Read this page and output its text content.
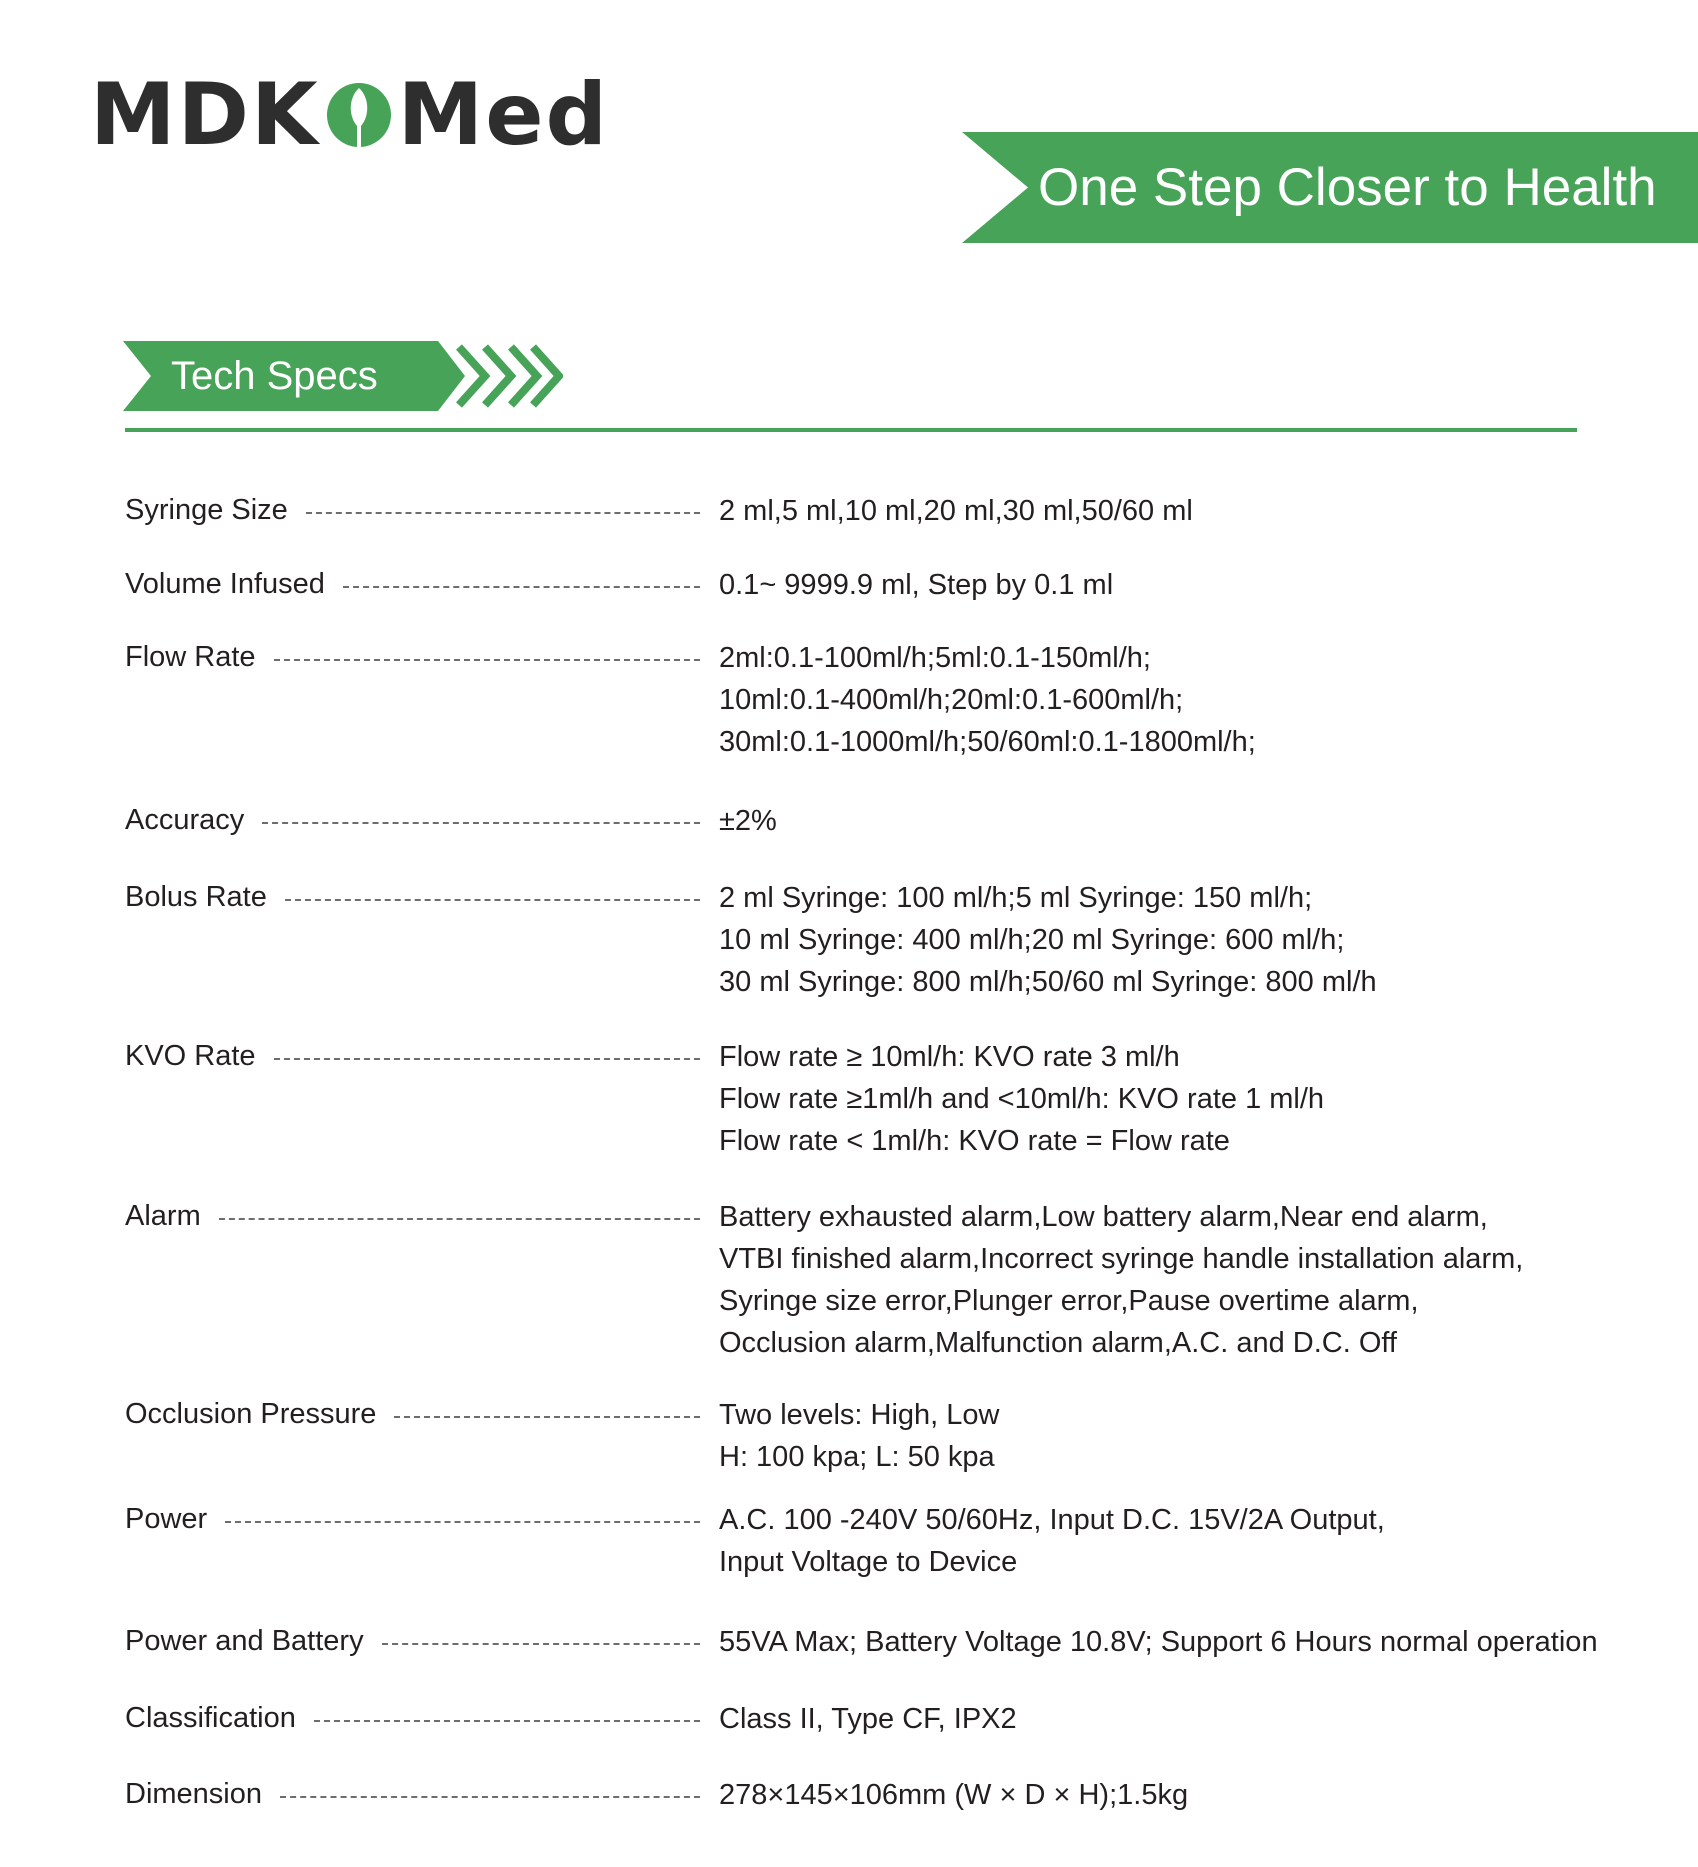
MDK Med
One Step Closer to Health
Tech Specs
Syringe Size	2 ml,5 ml,10 ml,20 ml,30 ml,50/60 ml
Volume Infused	0.1~ 9999.9 ml, Step by 0.1 ml
Flow Rate	2ml:0.1-100ml/h;5ml:0.1-150ml/h;
10ml:0.1-400ml/h;20ml:0.1-600ml/h;
30ml:0.1-1000ml/h;50/60ml:0.1-1800ml/h;
Accuracy	±2%
Bolus Rate	2 ml Syringe: 100 ml/h;5 ml Syringe: 150 ml/h;
10 ml Syringe: 400 ml/h;20 ml Syringe: 600 ml/h;
30 ml Syringe: 800 ml/h;50/60 ml Syringe: 800 ml/h
KVO Rate	Flow rate ≥ 10ml/h: KVO rate 3 ml/h
Flow rate ≥1ml/h and <10ml/h: KVO rate 1 ml/h
Flow rate < 1ml/h: KVO rate = Flow rate
Alarm	Battery exhausted alarm,Low battery alarm,Near end alarm,
VTBI finished alarm,Incorrect syringe handle installation alarm,
Syringe size error,Plunger error,Pause overtime alarm,
Occlusion alarm,Malfunction alarm,A.C. and D.C. Off
Occlusion Pressure	Two levels: High, Low
H: 100 kpa; L: 50 kpa
Power	A.C. 100 -240V 50/60Hz, Input D.C. 15V/2A Output,
Input Voltage to Device
Power and Battery	55VA Max; Battery Voltage 10.8V; Support 6 Hours normal operation
Classification	Class II, Type CF, IPX2
Dimension	278×145×106mm (W × D × H);1.5kg
